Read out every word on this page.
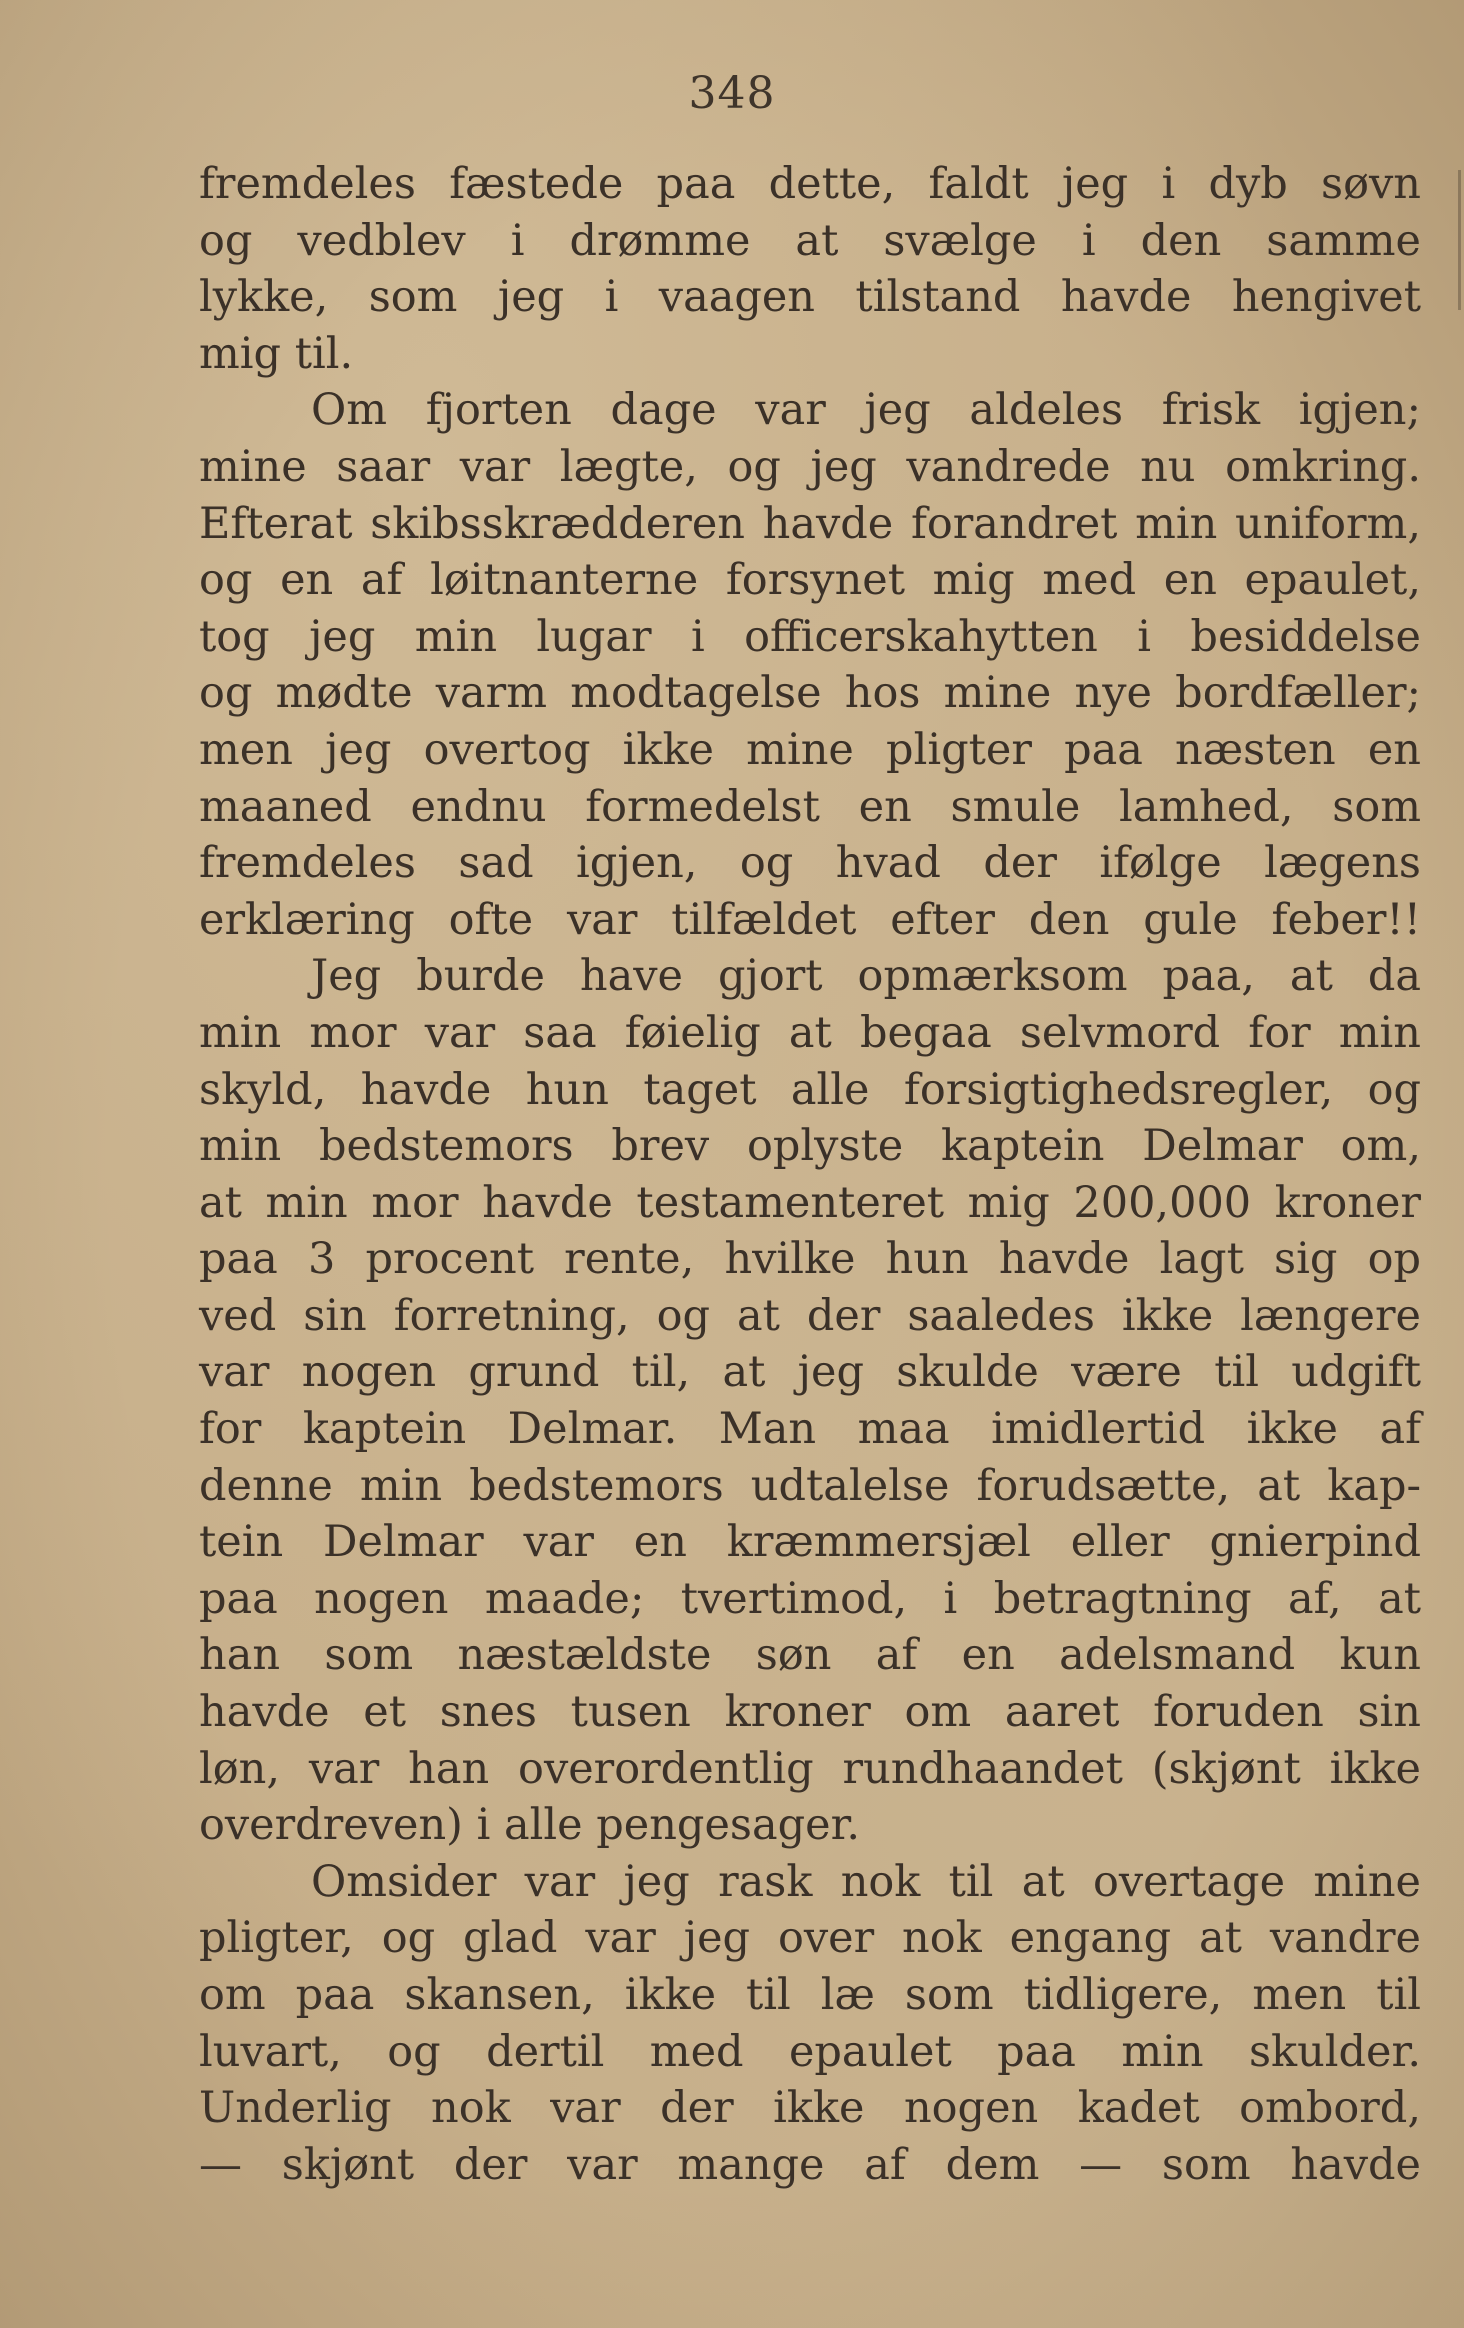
348
fremdeles fæstede paa dette, faldt jeg i dyb søvn
og vedblev i drømme at svælge i den samme
lykke, som jeg i vaagen tilstand havde hengivet
mig til.
Om fjorten dage var jeg aldeles frisk igjen;
mine saar var lægte, og jeg vandrede nu omkring.
Efterat skibsskrædderen havde forandret min uniform,
og en af løitnanterne forsynet mig med en epaulet,
tog jeg min lugar i officerskahytten i besiddelse
og mødte varm modtagelse hos mine nye bordfæller;
men jeg overtog ikke mine pligter paa næsten en
maaned endnu formedelst en smule lamhed, som
fremdeles sad igjen, og hvad der ifølge lægens
erklæring ofte var tilfældet efter den gule feber!!
Jeg burde have gjort opmærksom paa, at da
min mor var saa føielig at begaa selvmord for min
skyld, havde hun taget alle forsigtighedsregler, og
min bedstemors brev oplyste kaptein Delmar om,
at min mor havde testamenteret mig 200,000 kroner
paa 3 procent rente, hvilke hun havde lagt sig op
ved sin forretning, og at der saaledes ikke længere
var nogen grund til, at jeg skulde være til udgift
for kaptein Delmar. Man maa imidlertid ikke af
denne min bedstemors udtalelse forudsætte, at kap-
tein Delmar var en kræmmersjæl eller gnierpind
paa nogen maade; tvertimod, i betragtning af, at
han som næstældste søn af en adelsmand kun
havde et snes tusen kroner om aaret foruden sin
løn, var han overordentlig rundhaandet (skjønt ikke
overdreven) i alle pengesager.
Omsider var jeg rask nok til at overtage mine
pligter, og glad var jeg over nok engang at vandre
om paa skansen, ikke til læ som tidligere, men til
luvart, og dertil med epaulet paa min skulder.
Underlig nok var der ikke nogen kadet ombord,
— skjønt der var mange af dem — som havde
